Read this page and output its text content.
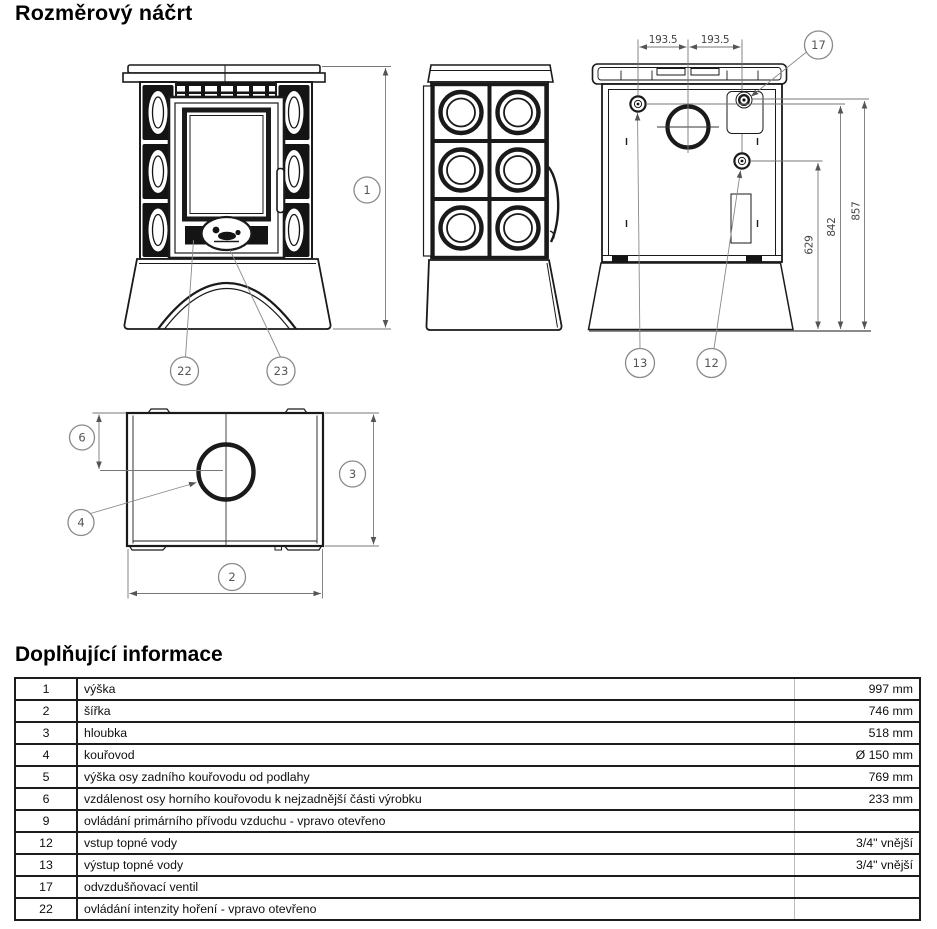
Rozměrový náčrt
1
22	23
193.5 193.5
629
842
857
17
13	12
6
4
3
2
Doplňující informace
1	výška	997 mm
2	šířka	746 mm
3	hloubka	518 mm
4	kouřovod	Ø 150 mm
5	výška osy zadního kouřovodu od podlahy	769 mm
6	vzdálenost osy horního kouřovodu k nejzadnější části výrobku	233 mm
9	ovládání primárního přívodu vzduchu - vpravo otevřeno	
12	vstup topné vody	3/4" vnější
13	výstup topné vody	3/4" vnější
17	odvzdušňovací ventil	
22	ovládání intenzity hoření - vpravo otevřeno	
